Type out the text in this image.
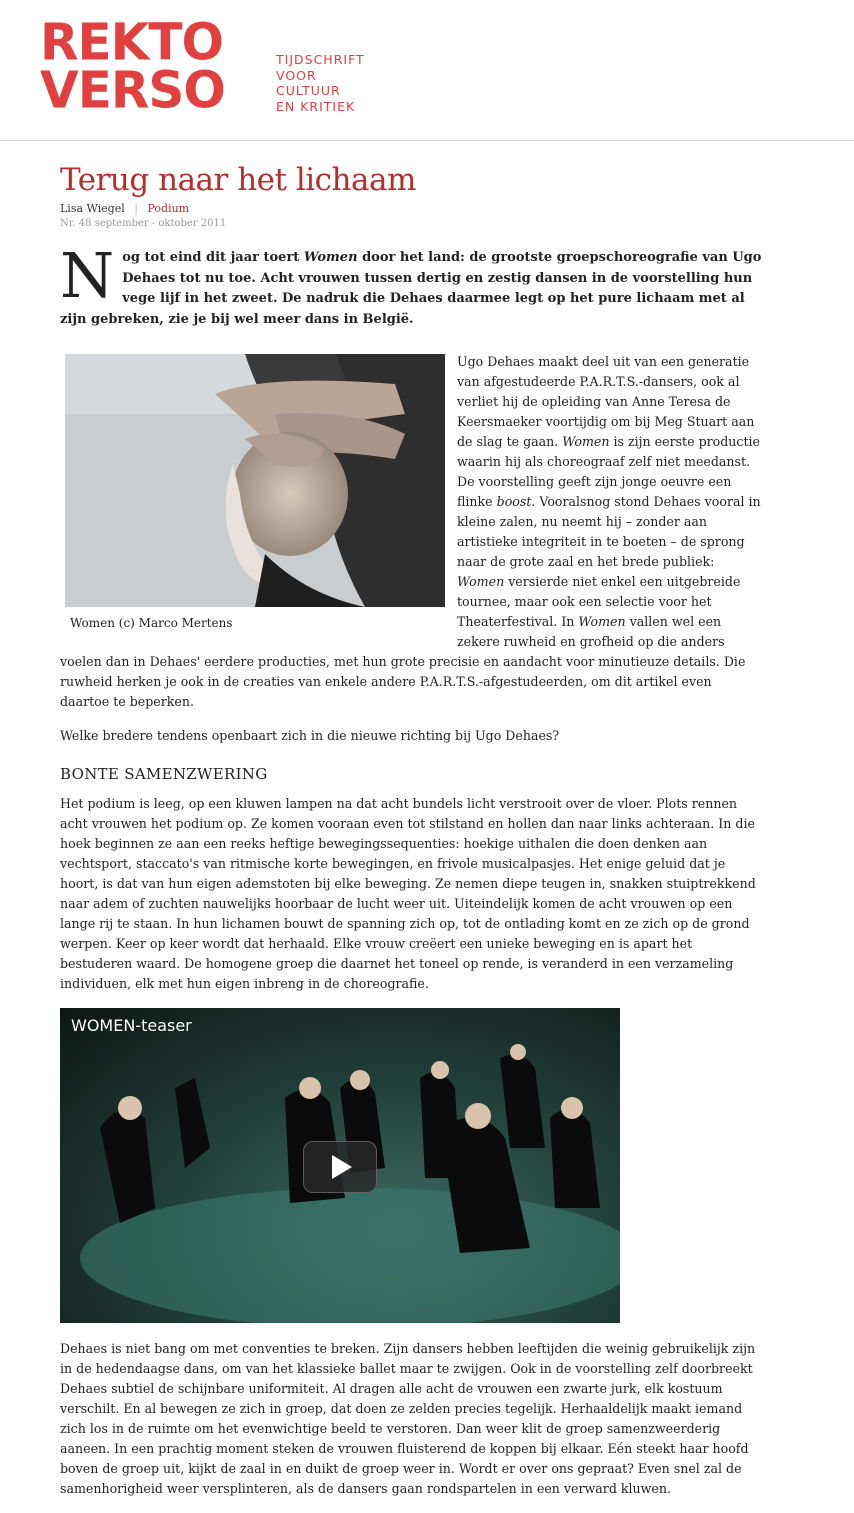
REKTO
VERSO
TIJDSCHRIFT
VOOR
CULTUUR
EN KRITIEK
Terug naar het lichaam
Lisa Wiegel | Podium
Nr. 48 september - oktober 2011
N og tot eind dit jaar toert Women door het land: de grootste groepschoreografie van Ugo Dehaes tot nu toe. Acht vrouwen tussen dertig en zestig dansen in de voorstelling hun vege lijf in het zweet. De nadruk die Dehaes daarmee legt op het pure lichaam met al zijn gebreken, zie je bij wel meer dans in België.
Women (c) Marco Mertens

Ugo Dehaes maakt deel uit van een generatie van afgestudeerde P.A.R.T.S.-dansers, ook al verliet hij de opleiding van Anne Teresa de Keersmaeker voortijdig om bij Meg Stuart aan de slag te gaan. Women is zijn eerste productie waarin hij als choreograaf zelf niet meedanst. De voorstelling geeft zijn jonge oeuvre een flinke boost. Vooralsnog stond Dehaes vooral in kleine zalen, nu neemt hij – zonder aan artistieke integriteit in te boeten – de sprong naar de grote zaal en het brede publiek: Women versierde niet enkel een uitgebreide tournee, maar ook een selectie voor het Theaterfestival. In Women vallen wel een zekere ruwheid en grofheid op die anders voelen dan in Dehaes' eerdere producties, met hun grote precisie en aandacht voor minutieuze details. Die ruwheid herken je ook in de creaties van enkele andere P.A.R.T.S.-afgestudeerden, om dit artikel even daartoe te beperken.

Welke bredere tendens openbaart zich in die nieuwe richting bij Ugo Dehaes?

BONTE SAMENZWERING

Het podium is leeg, op een kluwen lampen na dat acht bundels licht verstrooit over de vloer. Plots rennen acht vrouwen het podium op. Ze komen vooraan even tot stilstand en hollen dan naar links achteraan. In die hoek beginnen ze aan een reeks heftige bewegingssequenties: hoekige uithalen die doen denken aan vechtsport, staccato's van ritmische korte bewegingen, en frivole musicalpasjes. Het enige geluid dat je hoort, is dat van hun eigen ademstoten bij elke beweging. Ze nemen diepe teugen in, snakken stuiptrekkend naar adem of zuchten nauwelijks hoorbaar de lucht weer uit. Uiteindelijk komen de acht vrouwen op een lange rij te staan. In hun lichamen bouwt de spanning zich op, tot de ontlading komt en ze zich op de grond werpen. Keer op keer wordt dat herhaald. Elke vrouw creëert een unieke beweging en is apart het bestuderen waard. De homogene groep die daarnet het toneel op rende, is veranderd in een verzameling individuen, elk met hun eigen inbreng in de choreografie.

WOMEN-teaser

Dehaes is niet bang om met conventies te breken. Zijn dansers hebben leeftijden die weinig gebruikelijk zijn in de hedendaagse dans, om van het klassieke ballet maar te zwijgen. Ook in de voorstelling zelf doorbreekt Dehaes subtiel de schijnbare uniformiteit. Al dragen alle acht de vrouwen een zwarte jurk, elk kostuum verschilt. En al bewegen ze zich in groep, dat doen ze zelden precies tegelijk. Herhaaldelijk maakt iemand zich los in de ruimte om het evenwichtige beeld te verstoren. Dan weer klit de groep samenzweerderig aaneen. In een prachtig moment steken de vrouwen fluisterend de koppen bij elkaar. Eén steekt haar hoofd boven de groep uit, kijkt de zaal in en duikt de groep weer in. Wordt er over ons gepraat? Even snel zal de samenhorigheid weer versplinteren, als de dansers gaan rondspartelen in een verward kluwen.
